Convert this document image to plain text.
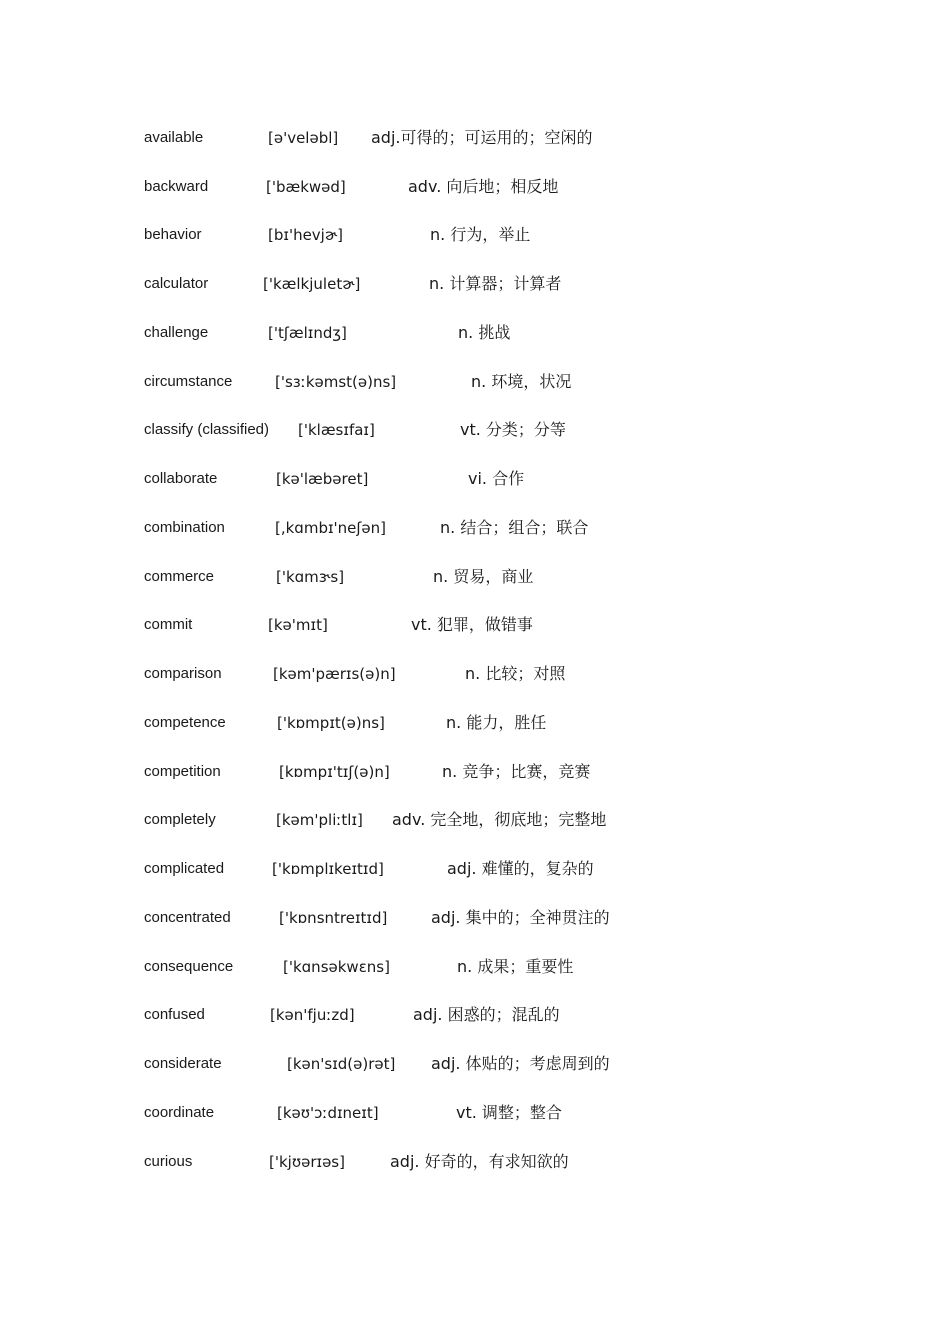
available	[ə'veləbl] adj.可得的；可运用的；空闲的
backward	['bækwəd]	adv. 向后地；相反地
behavior	[bɪ'hevjɚ]	n. 行为，举止
calculator	['kælkjuletɚ]	n. 计算器；计算者
challenge	['tʃælɪndʒ]	n. 挑战
circumstance	['sɜːkəmst(ə)ns]	n. 环境，状况
classify (classified) ['klæsɪfaɪ]	vt. 分类；分等
collaborate	[kə'læbəret]	vi. 合作
combination	[,kɑmbɪ'neʃən]	n. 结合；组合；联合
commerce	['kɑmɝs]	n. 贸易，商业
commit	[kə'mɪt]	vt. 犯罪，做错事
comparison	[kəm'pærɪs(ə)n]	n. 比较；对照
competence	['kɒmpɪt(ə)ns]	n. 能力，胜任
competition	[kɒmpɪ'tɪʃ(ə)n]	n. 竞争；比赛，竞赛
completely	[kəm'pliːtlɪ] adv. 完全地，彻底地；完整地
complicated	['kɒmplɪkeɪtɪd]	adj. 难懂的，复杂的
concentrated	['kɒnsntreɪtɪd]	adj. 集中的；全神贯注的
consequence	['kɑnsəkwɛns]	n. 成果；重要性
confused	[kən'fjuːzd]	adj. 困惑的；混乱的
considerate	[kən'sɪd(ə)rət] adj. 体贴的；考虑周到的
coordinate	[kəʊ'ɔːdɪneɪt]	vt. 调整；整合
curious	['kjʊərɪəs]	adj. 好奇的，有求知欲的
